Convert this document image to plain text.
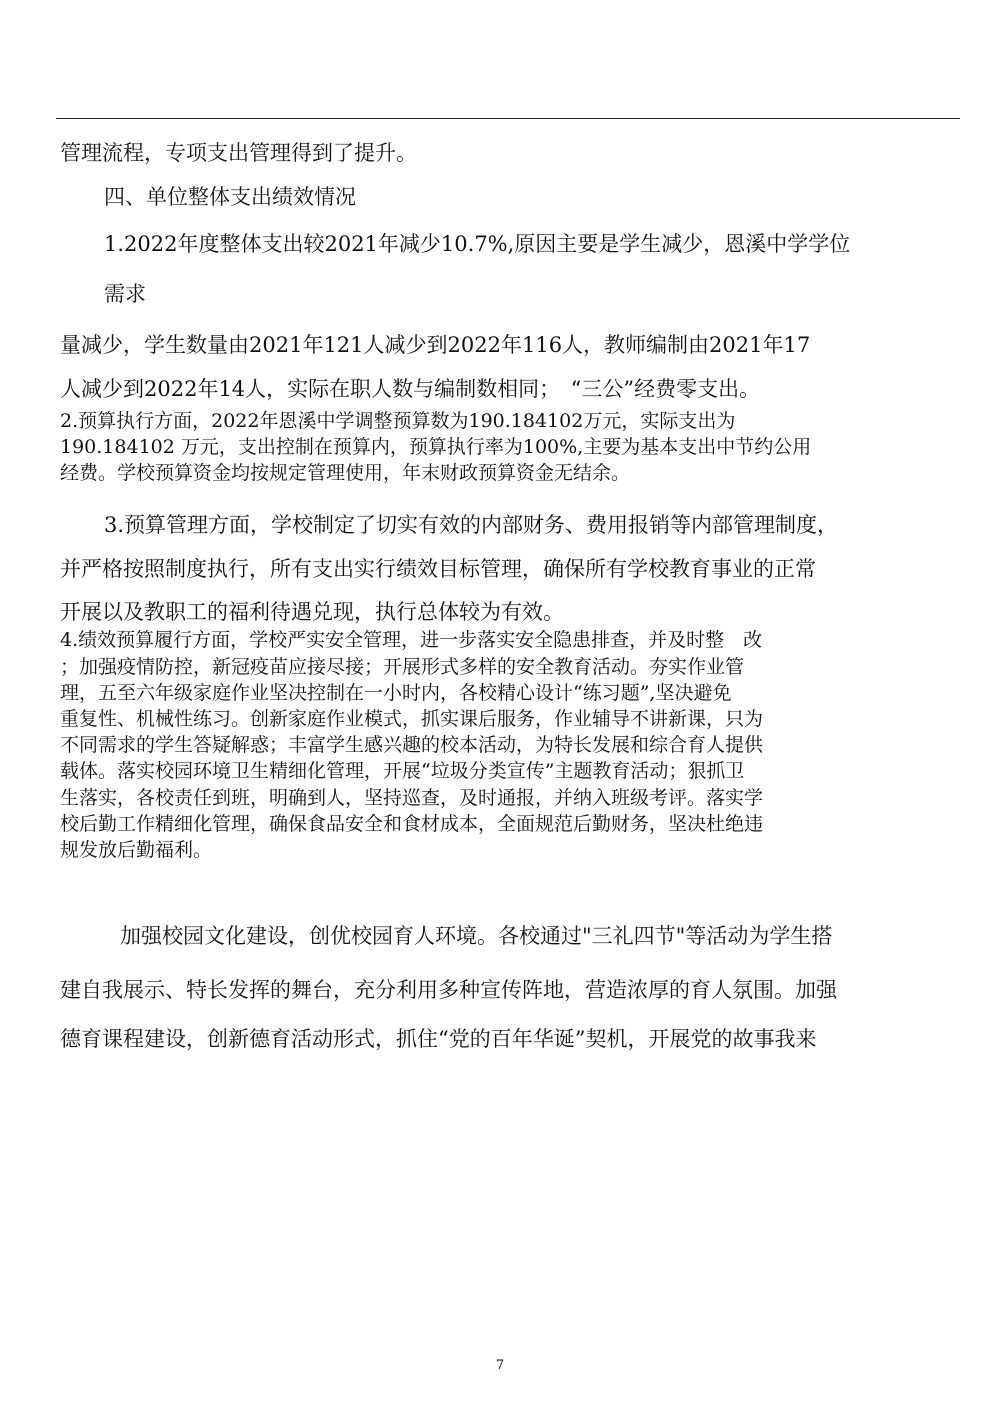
管理流程，专项支出管理得到了提升。
四、单位整体支出绩效情况
1.2022年度整体支出较2021年减少10.7%,原因主要是学生减少，恩溪中学学位
需求
量减少，学生数量由2021年121人减少到2022年116人，教师编制由2021年17
人减少到2022年14人，实际在职人数与编制数相同；　“三公”经费零支出。
2.预算执行方面，2022年恩溪中学调整预算数为190.184102万元，实际支出为
190.184102 万元，支出控制在预算内，预算执行率为100%,主要为基本支出中节约公用
经费。学校预算资金均按规定管理使用，年末财政预算资金无结余。
3.预算管理方面，学校制定了切实有效的内部财务、费用报销等内部管理制度，
并严格按照制度执行，所有支出实行绩效目标管理，确保所有学校教育事业的正常
开展以及教职工的福利待遇兑现，执行总体较为有效。
4.绩效预算履行方面，学校严实安全管理，进一步落实安全隐患排查，并及时整　改
；加强疫情防控，新冠疫苗应接尽接；开展形式多样的安全教育活动。夯实作业管
理，五至六年级家庭作业坚决控制在一小时内，各校精心设计“练习题”,坚决避免
重复性、机械性练习。创新家庭作业模式，抓实课后服务，作业辅导不讲新课，只为
不同需求的学生答疑解惑；丰富学生感兴趣的校本活动，为特长发展和综合育人提供
载体。落实校园环境卫生精细化管理，开展“垃圾分类宣传”主题教育活动；狠抓卫
生落实，各校责任到班，明确到人，坚持巡查，及时通报，并纳入班级考评。落实学
校后勤工作精细化管理，确保食品安全和食材成本，全面规范后勤财务，坚决杜绝违
规发放后勤福利。
加强校园文化建设，创优校园育人环境。各校通过"三礼四节"等活动为学生搭
建自我展示、特长发挥的舞台，充分利用多种宣传阵地，营造浓厚的育人氛围。加强
德育课程建设，创新德育活动形式，抓住“党的百年华诞”契机，开展党的故事我来
7
